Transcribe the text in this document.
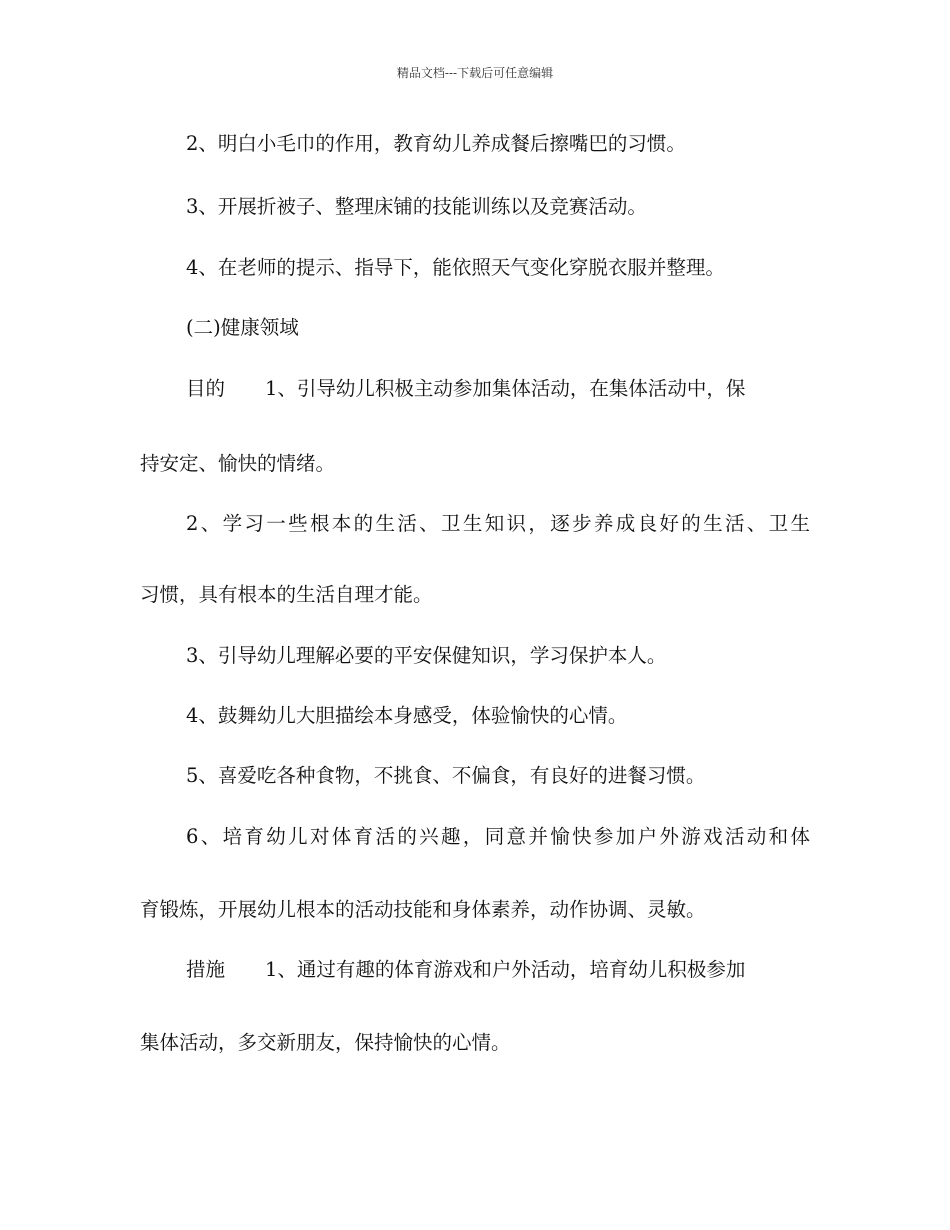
精品文档---下载后可任意编辑
2、明白小毛巾的作用，教育幼儿养成餐后擦嘴巴的习惯。
3、开展折被子、整理床铺的技能训练以及竞赛活动。
4、在老师的提示、指导下，能依照天气变化穿脱衣服并整理。
(二)健康领域
目的 1、引导幼儿积极主动参加集体活动，在集体活动中，保
持安定、愉快的情绪。
2、学习一些根本的生活、卫生知识，逐步养成良好的生活、卫生
习惯，具有根本的生活自理才能。
3、引导幼儿理解必要的平安保健知识，学习保护本人。
4、鼓舞幼儿大胆描绘本身感受，体验愉快的心情。
5、喜爱吃各种食物，不挑食、不偏食，有良好的进餐习惯。
6、培育幼儿对体育活的兴趣，同意并愉快参加户外游戏活动和体
育锻炼，开展幼儿根本的活动技能和身体素养，动作协调、灵敏。
措施 1、通过有趣的体育游戏和户外活动，培育幼儿积极参加
集体活动，多交新朋友，保持愉快的心情。
